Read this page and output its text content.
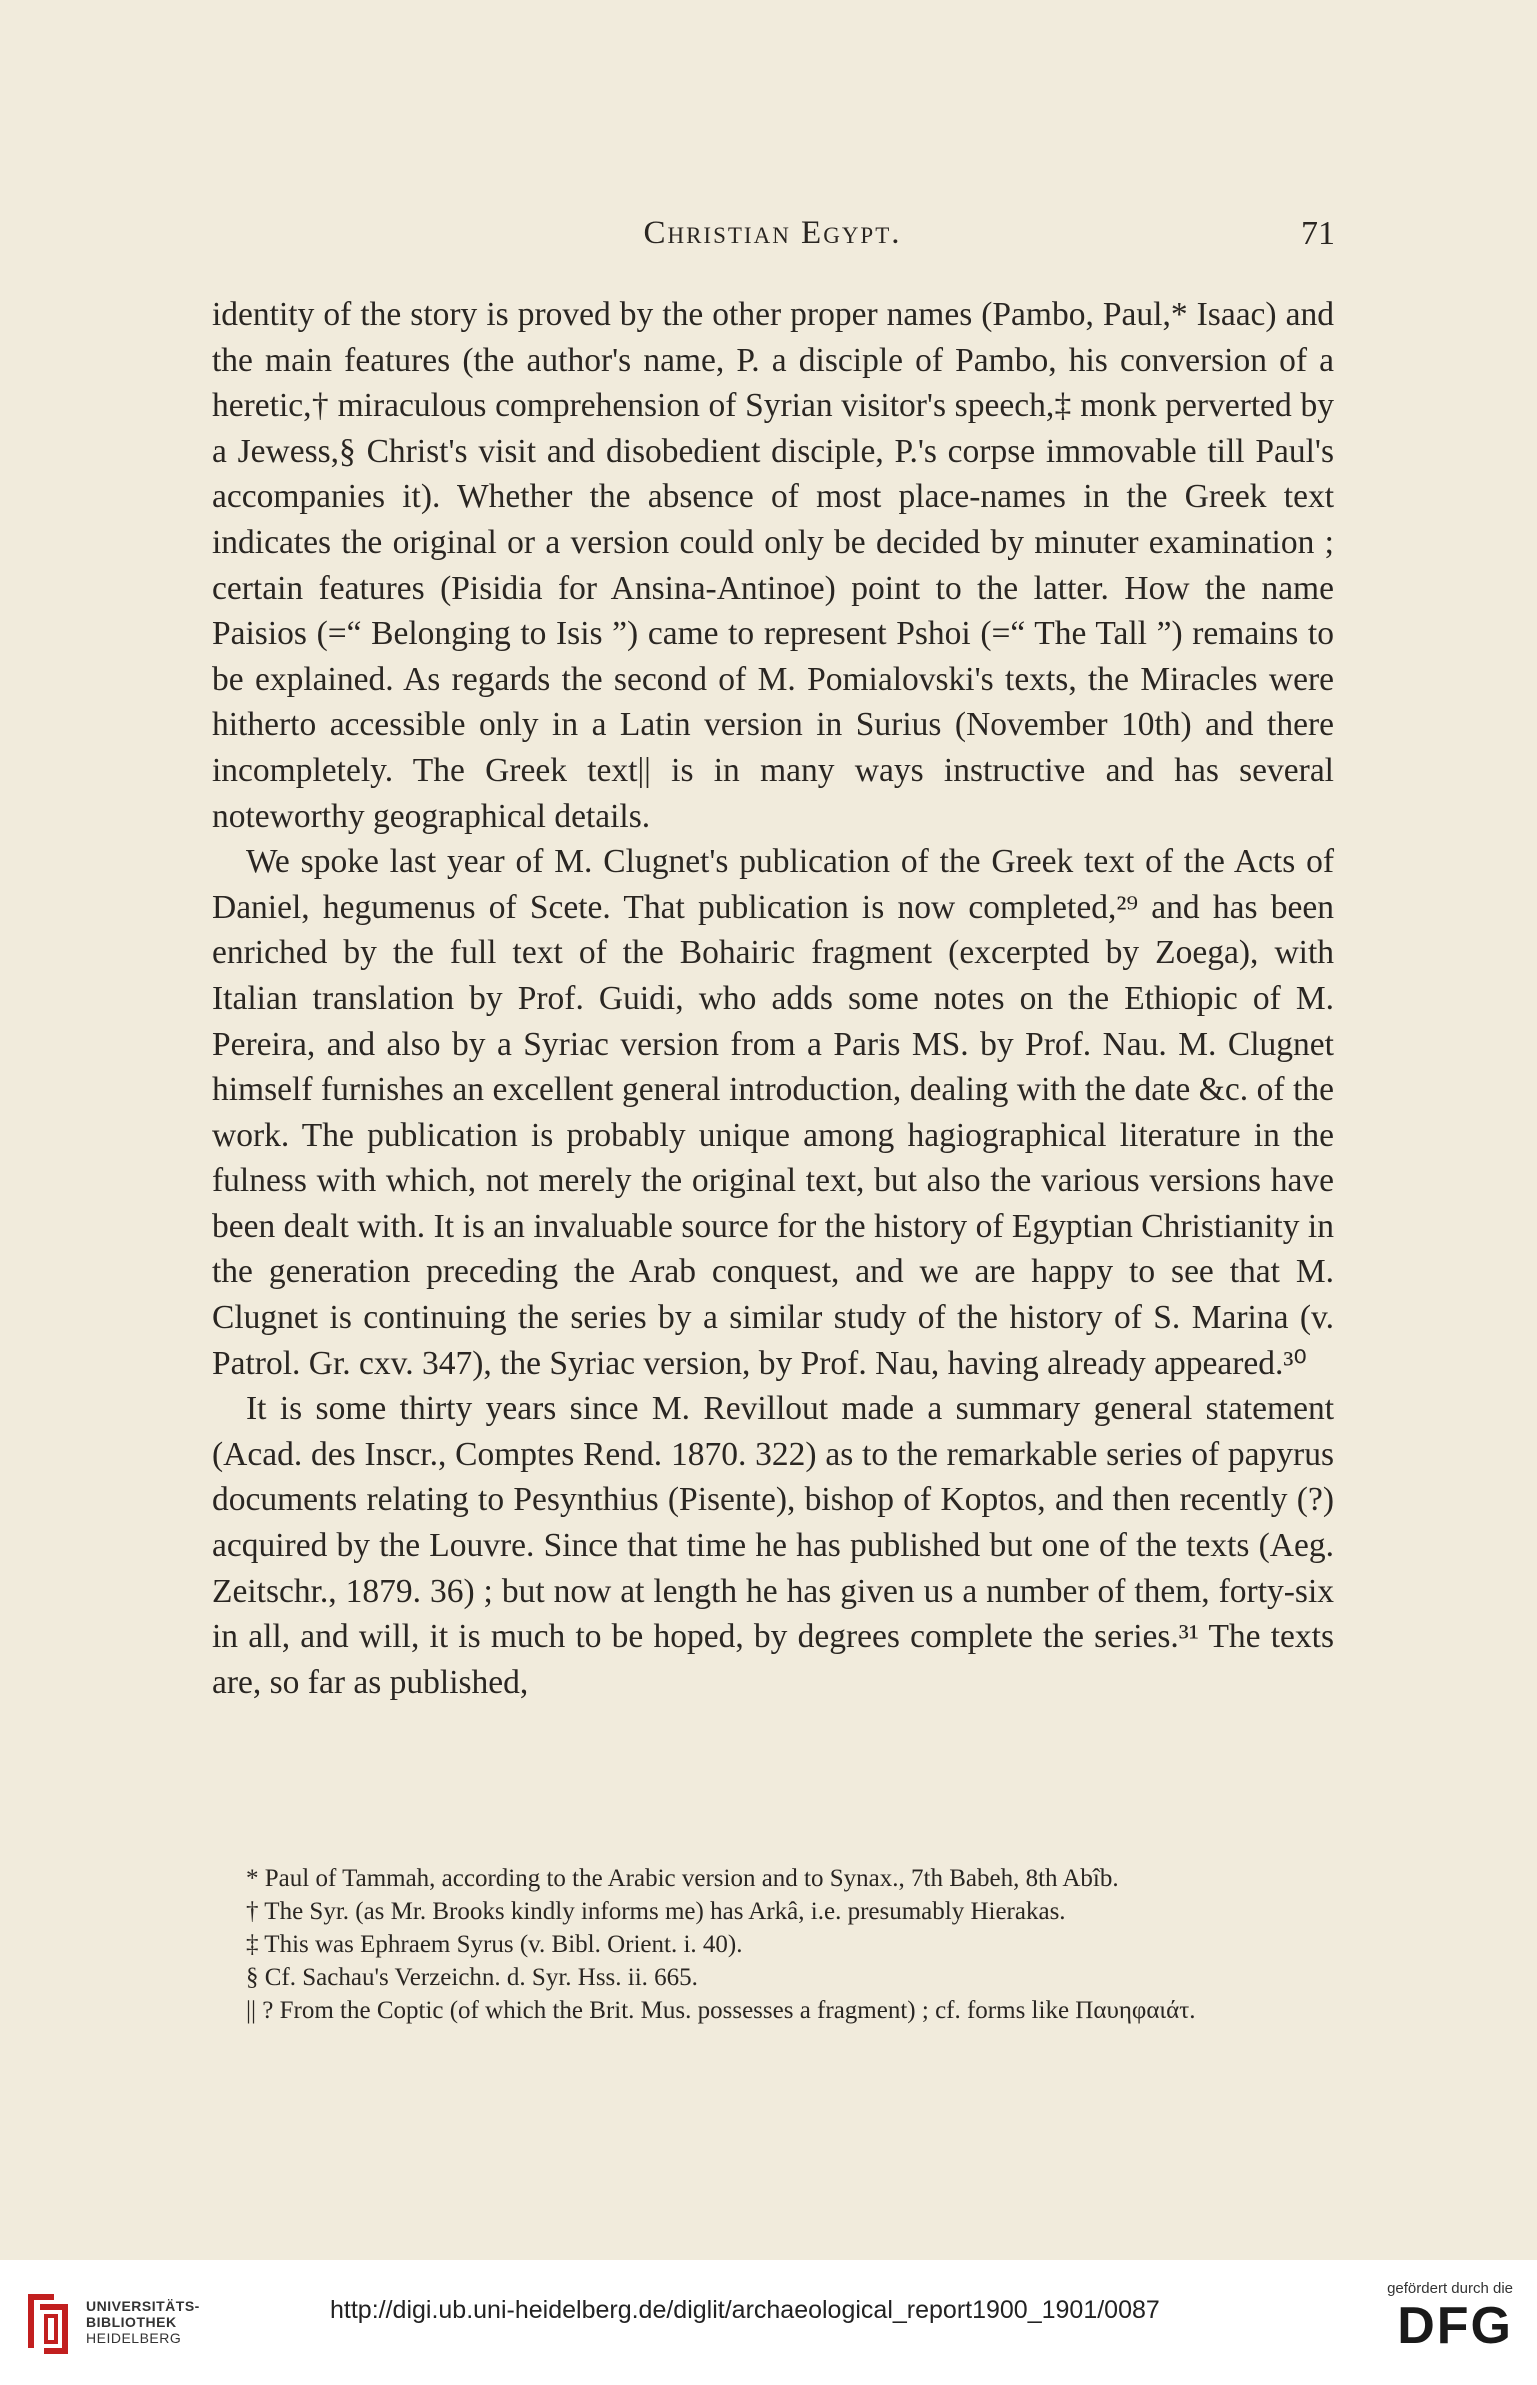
Christian Egypt.	71

identity of the story is proved by the other proper names (Pambo, Paul,* Isaac) and the main features (the author's name, P. a disciple of Pambo, his conversion of a heretic,† miraculous comprehension of Syrian visitor's speech,‡ monk perverted by a Jewess,§ Christ's visit and disobedient disciple, P.'s corpse immovable till Paul's accompanies it). Whether the absence of most place-names in the Greek text indicates the original or a version could only be decided by minuter examination ; certain features (Pisidia for Ansina-Antinoe) point to the latter. How the name Paisios (=“ Belonging to Isis ”) came to represent Pshoi (=“ The Tall ”) remains to be explained. As regards the second of M. Pomialovski's texts, the Miracles were hitherto accessible only in a Latin version in Surius (November 10th) and there incompletely. The Greek text|| is in many ways instructive and has several noteworthy geographical details.

We spoke last year of M. Clugnet's publication of the Greek text of the Acts of Daniel, hegumenus of Scete. That publication is now completed,²⁹ and has been enriched by the full text of the Bohairic fragment (excerpted by Zoega), with Italian translation by Prof. Guidi, who adds some notes on the Ethiopic of M. Pereira, and also by a Syriac version from a Paris MS. by Prof. Nau. M. Clugnet himself furnishes an excellent general introduction, dealing with the date &c. of the work. The publication is probably unique among hagiographical literature in the fulness with which, not merely the original text, but also the various versions have been dealt with. It is an invaluable source for the history of Egyptian Christianity in the generation preceding the Arab conquest, and we are happy to see that M. Clugnet is continuing the series by a similar study of the history of S. Marina (v. Patrol. Gr. cxv. 347), the Syriac version, by Prof. Nau, having already appeared.³⁰

It is some thirty years since M. Revillout made a summary general statement (Acad. des Inscr., Comptes Rend. 1870. 322) as to the remarkable series of papyrus documents relating to Pesynthius (Pisente), bishop of Koptos, and then recently (?) acquired by the Louvre. Since that time he has published but one of the texts (Aeg. Zeitschr., 1879. 36) ; but now at length he has given us a number of them, forty-six in all, and will, it is much to be hoped, by degrees complete the series.³¹ The texts are, so far as published,

* Paul of Tammah, according to the Arabic version and to Synax., 7th Babeh, 8th Abîb.

† The Syr. (as Mr. Brooks kindly informs me) has Arkâ, i.e. presumably Hierakas.

‡ This was Ephraem Syrus (v. Bibl. Orient. i. 40).

§ Cf. Sachau's Verzeichn. d. Syr. Hss. ii. 665.

|| ? From the Coptic (of which the Brit. Mus. possesses a fragment) ; cf. forms like Παυηφαιάτ.

UNIVERSITÄTS-
BIBLIOTHEK
HEIDELBERG
http://digi.ub.uni-heidelberg.de/diglit/archaeological_report1900_1901/0087
gefördert durch die
DFG
